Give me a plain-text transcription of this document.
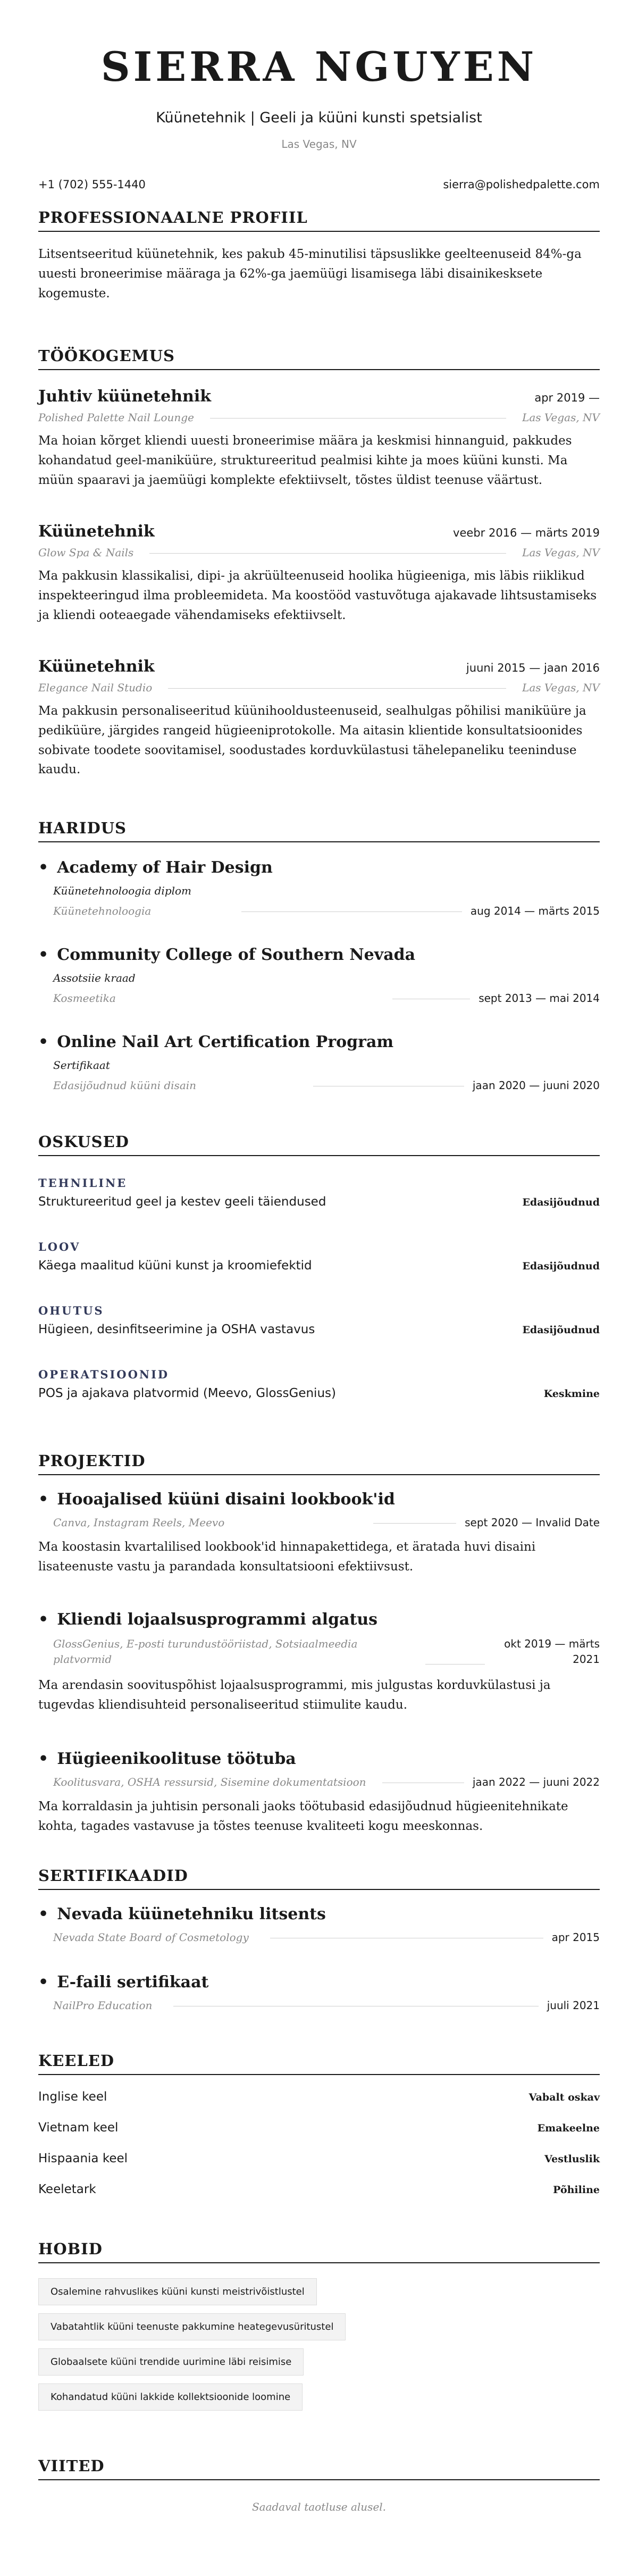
SIERRA NGUYEN
Küünetehnik | Geeli ja küüni kunsti spetsialist
Las Vegas, NV
+1 (702) 555-1440	sierra@polishedpalette.com
PROFESSIONAALNE PROFIIL
Litsentseeritud küünetehnik, kes pakub 45-minutilisi täpsuslikke geelteenuseid 84%-ga uuesti broneerimise määraga ja 62%-ga jaemüügi lisamisega läbi disainikesksete kogemuste.
TÖÖKOGEMUS
Juhtiv küünetehnik	apr 2019 —
Polished Palette Nail Lounge	Las Vegas, NV
Ma hoian kõrget kliendi uuesti broneerimise määra ja keskmisi hinnanguid, pakkudes kohandatud geel-maniküüre, struktureeritud pealmisi kihte ja moes küüni kunsti. Ma müün spaaravi ja jaemüügi komplekte efektiivselt, tõstes üldist teenuse väärtust.
Küünetehnik	veebr 2016 — märts 2019
Glow Spa & Nails	Las Vegas, NV
Ma pakkusin klassikalisi, dipi- ja akrüülteenuseid hoolika hügieeniga, mis läbis riiklikud inspekteeringud ilma probleemideta. Ma koostööd vastuvõtuga ajakavade lihtsustamiseks ja kliendi ooteaegade vähendamiseks efektiivselt.
Küünetehnik	juuni 2015 — jaan 2016
Elegance Nail Studio	Las Vegas, NV
Ma pakkusin personaliseeritud küünihooldusteenuseid, sealhulgas põhilisi maniküüre ja pediküüre, järgides rangeid hügieeniprotokolle. Ma aitasin klientide konsultatsioonides sobivate toodete soovitamisel, soodustades korduvkülastusi tähelepaneliku teeninduse kaudu.
HARIDUS
• Academy of Hair Design
Küünetehnoloogia diplom
Küünetehnoloogia	aug 2014 — märts 2015
• Community College of Southern Nevada
Assotsiie kraad
Kosmeetika	sept 2013 — mai 2014
• Online Nail Art Certification Program
Sertifikaat
Edasijõudnud küüni disain	jaan 2020 — juuni 2020
OSKUSED
TEHNILINE
Struktureeritud geel ja kestev geeli täiendused	Edasijõudnud
LOOV
Käega maalitud küüni kunst ja kroomiefektid	Edasijõudnud
OHUTUS
Hügieen, desinfitseerimine ja OSHA vastavus	Edasijõudnud
OPERATSIOONID
POS ja ajakava platvormid (Meevo, GlossGenius)	Keskmine
PROJEKTID
• Hooajalised küüni disaini lookbook'id
Canva, Instagram Reels, Meevo	sept 2020 — Invalid Date
Ma koostasin kvartalilised lookbook'id hinnapakettidega, et äratada huvi disaini lisateenuste vastu ja parandada konsultatsiooni efektiivsust.
• Kliendi lojaalsusprogrammi algatus
GlossGenius, E-posti turundustööriistad, Sotsiaalmeedia platvormid
okt 2019 — märts 2021
Ma arendasin soovituspõhist lojaalsusprogrammi, mis julgustas korduvkülastusi ja tugevdas kliendisuhteid personaliseeritud stiimulite kaudu.
• Hügieenikoolituse töötuba
Koolitusvara, OSHA ressursid, Sisemine dokumentatsioon	jaan 2022 — juuni 2022
Ma korraldasin ja juhtisin personali jaoks töötubasid edasijõudnud hügieenitehnikate kohta, tagades vastavuse ja tõstes teenuse kvaliteeti kogu meeskonnas.
SERTIFIKAADID
• Nevada küünetehniku litsents
Nevada State Board of Cosmetology	apr 2015
• E-faili sertifikaat
NailPro Education	juuli 2021
KEELED
Inglise keel	Vabalt oskav
Vietnam keel	Emakeelne
Hispaania keel	Vestluslik
Keeletark	Põhiline
HOBID
Osalemine rahvuslikes küüni kunsti meistrivõistlustel
Vabatahtlik küüni teenuste pakkumine heategevusüritustel
Globaalsete küüni trendide uurimine läbi reisimise
Kohandatud küüni lakkide kollektsioonide loomine
VIITED
Saadaval taotluse alusel.
